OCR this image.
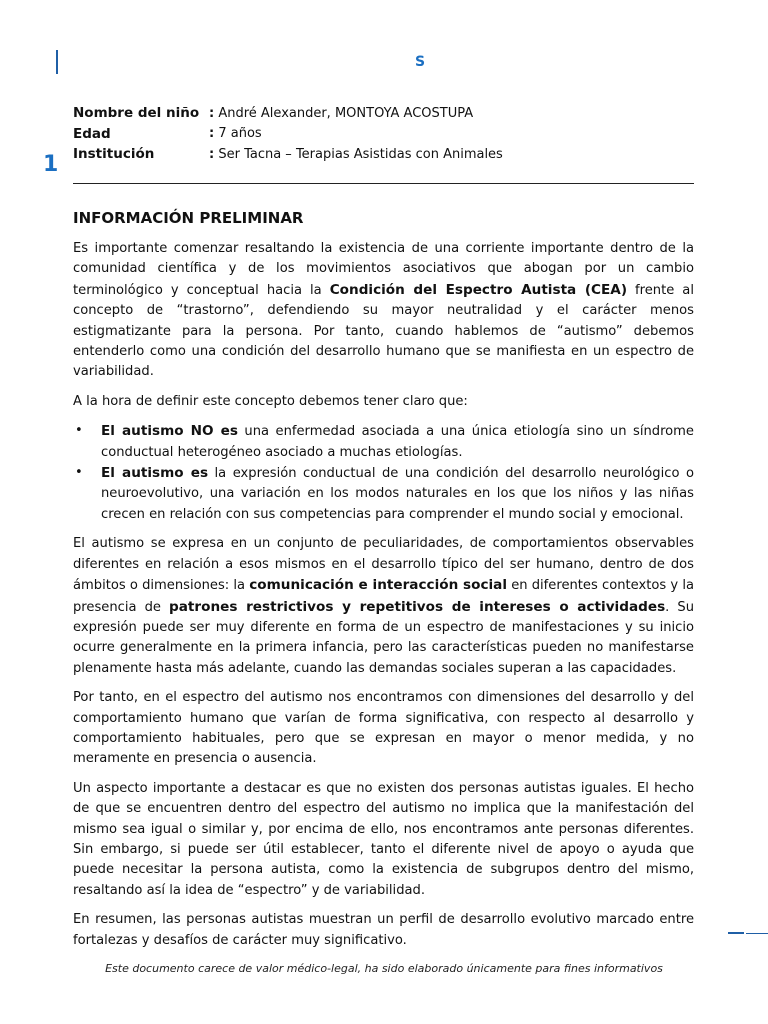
S
1
Nombre del niño : André Alexander, MONTOYA ACOSTUPA
Edad	: 7 años
Institución	: Ser Tacna – Terapias Asistidas con Animales
INFORMACIÓN PRELIMINAR

Es importante comenzar resaltando la existencia de una corriente importante dentro de la comunidad científica y de los movimientos asociativos que abogan por un cambio terminológico y conceptual hacia la Condición del Espectro Autista (CEA) frente al concepto de “trastorno”, defendiendo su mayor neutralidad y el carácter menos estigmatizante para la persona. Por tanto, cuando hablemos de “autismo” debemos entenderlo como una condición del desarrollo humano que se manifiesta en un espectro de variabilidad.

A la hora de definir este concepto debemos tener claro que:

• El autismo NO es una enfermedad asociada a una única etiología sino un síndrome conductual heterogéneo asociado a muchas etiologías.
• El autismo es la expresión conductual de una condición del desarrollo neurológico o neuroevolutivo, una variación en los modos naturales en los que los niños y las niñas crecen en relación con sus competencias para comprender el mundo social y emocional.

El autismo se expresa en un conjunto de peculiaridades, de comportamientos observables diferentes en relación a esos mismos en el desarrollo típico del ser humano, dentro de dos ámbitos o dimensiones: la comunicación e interacción social en diferentes contextos y la presencia de patrones restrictivos y repetitivos de intereses o actividades. Su expresión puede ser muy diferente en forma de un espectro de manifestaciones y su inicio ocurre generalmente en la primera infancia, pero las características pueden no manifestarse plenamente hasta más adelante, cuando las demandas sociales superan a las capacidades.

Por tanto, en el espectro del autismo nos encontramos con dimensiones del desarrollo y del comportamiento humano que varían de forma significativa, con respecto al desarrollo y comportamiento habituales, pero que se expresan en mayor o menor medida, y no meramente en presencia o ausencia.

Un aspecto importante a destacar es que no existen dos personas autistas iguales. El hecho de que se encuentren dentro del espectro del autismo no implica que la manifestación del mismo sea igual o similar y, por encima de ello, nos encontramos ante personas diferentes. Sin embargo, si puede ser útil establecer, tanto el diferente nivel de apoyo o ayuda que puede necesitar la persona autista, como la existencia de subgrupos dentro del mismo, resaltando así la idea de “espectro” y de variabilidad.

En resumen, las personas autistas muestran un perfil de desarrollo evolutivo marcado entre fortalezas y desafíos de carácter muy significativo.

Este documento carece de valor médico-legal, ha sido elaborado únicamente para fines informativos
